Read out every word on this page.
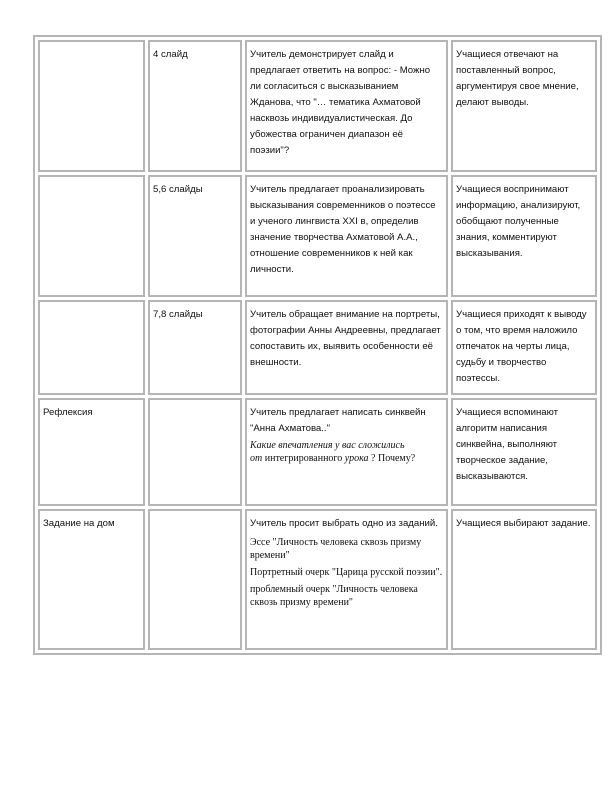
	4 слайд	Учитель демонстрирует слайд и предлагает ответить на вопрос: - Можно ли согласиться с высказыванием Жданова, что "… тематика Ахматовой насквозь индивидуалистическая. До убожества ограничен диапазон её поэзии"?	Учащиеся отвечают на поставленный вопрос, аргументируя свое мнение, делают выводы.
	5,6 слайды	Учитель предлагает проанализировать высказывания современников о поэтессе и ученого лингвиста XXI в, определив значение творчества Ахматовой А.А., отношение современников к ней как личности.	Учащиеся воспринимают информацию, анализируют, обобщают полученные знания, комментируют высказывания.
	7,8 слайды	Учитель обращает внимание на портреты, фотографии Анны Андреевны, предлагает сопоставить их, выявить особенности её внешности.	Учащиеся приходят к выводу о том, что время наложило отпечаток на черты лица, судьбу и творчество поэтессы.
Рефлексия		Учитель предлагает написать синквейн "Анна Ахматова.."
Какие впечатления у вас сложились
от интегрированного урока ? Почему?	Учащиеся вспоминают алгоритм написания синквейна, выполняют творческое задание, высказываются.
Задание на дом		Учитель просит выбрать одно из заданий.
Эссе "Личность человека сквозь призму времени"
Портретный очерк "Царица русской поэзии".
проблемный очерк "Личность человека сквозь призму времени"	Учащиеся выбирают задание.
